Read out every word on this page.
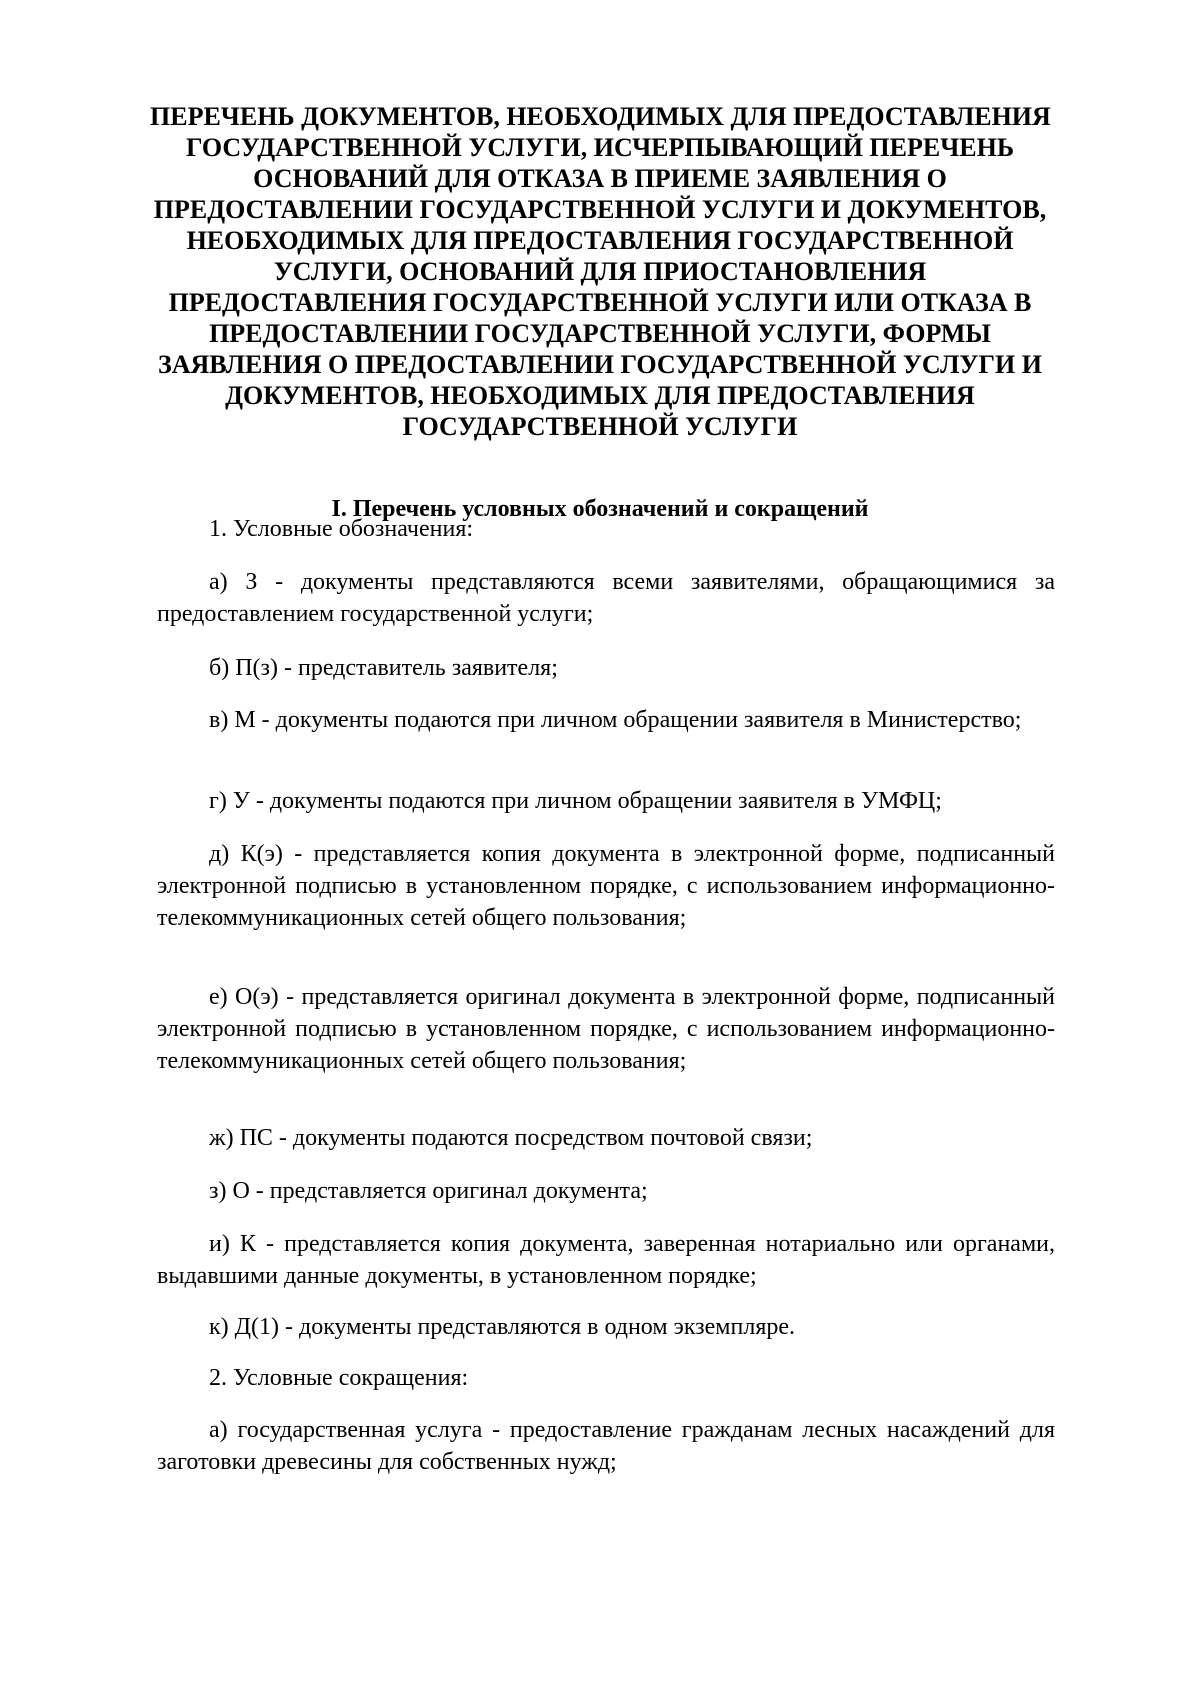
ПЕРЕЧЕНЬ ДОКУМЕНТОВ, НЕОБХОДИМЫХ ДЛЯ ПРЕДОСТАВЛЕНИЯ
ГОСУДАРСТВЕННОЙ УСЛУГИ, ИСЧЕРПЫВАЮЩИЙ ПЕРЕЧЕНЬ
ОСНОВАНИЙ ДЛЯ ОТКАЗА В ПРИЕМЕ ЗАЯВЛЕНИЯ О
ПРЕДОСТАВЛЕНИИ ГОСУДАРСТВЕННОЙ УСЛУГИ И ДОКУМЕНТОВ,
НЕОБХОДИМЫХ ДЛЯ ПРЕДОСТАВЛЕНИЯ ГОСУДАРСТВЕННОЙ
УСЛУГИ, ОСНОВАНИЙ ДЛЯ ПРИОСТАНОВЛЕНИЯ
ПРЕДОСТАВЛЕНИЯ ГОСУДАРСТВЕННОЙ УСЛУГИ ИЛИ ОТКАЗА В
ПРЕДОСТАВЛЕНИИ ГОСУДАРСТВЕННОЙ УСЛУГИ, ФОРМЫ
ЗАЯВЛЕНИЯ О ПРЕДОСТАВЛЕНИИ ГОСУДАРСТВЕННОЙ УСЛУГИ И
ДОКУМЕНТОВ, НЕОБХОДИМЫХ ДЛЯ ПРЕДОСТАВЛЕНИЯ
ГОСУДАРСТВЕННОЙ УСЛУГИ
I. Перечень условных обозначений и сокращений

1. Условные обозначения:

а) З - документы представляются всеми заявителями, обращающимися за предоставлением государственной услуги;

б) П(з) - представитель заявителя;

в) М - документы подаются при личном обращении заявителя в Министерство;

г) У - документы подаются при личном обращении заявителя в УМФЦ;

д) К(э) - представляется копия документа в электронной форме, подписанный электронной подписью в установленном порядке, с использованием информационно-телекоммуникационных сетей общего пользования;

е) О(э) - представляется оригинал документа в электронной форме, подписанный электронной подписью в установленном порядке, с использованием информационно-телекоммуникационных сетей общего пользования;

ж) ПС - документы подаются посредством почтовой связи;

з) О - представляется оригинал документа;

и) К - представляется копия документа, заверенная нотариально или органами, выдавшими данные документы, в установленном порядке;

к) Д(1) - документы представляются в одном экземпляре.

2. Условные сокращения:

а) государственная услуга - предоставление гражданам лесных насаждений для заготовки древесины для собственных нужд;
